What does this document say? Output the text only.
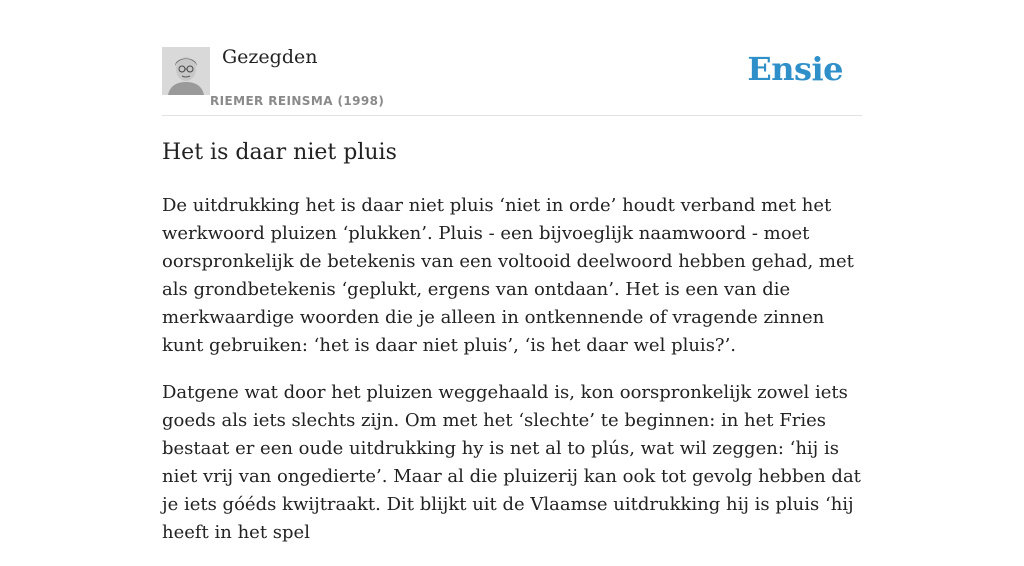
Gezegden
RIEMER REINSMA (1998)
Ensie
Het is daar niet pluis

De uitdrukking het is daar niet pluis ‘niet in orde’ houdt verband met het werkwoord pluizen ‘plukken’. Pluis - een bijvoeglijk naamwoord - moet oorspronkelijk de betekenis van een voltooid deelwoord hebben gehad, met als grondbetekenis ‘geplukt, ergens van ontdaan’. Het is een van die merkwaardige woorden die je alleen in ontkennende of vragende zinnen kunt gebruiken: ‘het is daar niet pluis’, ‘is het daar wel pluis?’.

Datgene wat door het pluizen weggehaald is, kon oorspronkelijk zowel iets goeds als iets slechts zijn. Om met het ‘slechte’ te beginnen: in het Fries bestaat er een oude uitdrukking hy is net al to plús, wat wil zeggen: ‘hij is niet vrij van ongedierte’. Maar al die pluizerij kan ook tot gevolg hebben dat je iets góéds kwijtraakt. Dit blijkt uit de Vlaamse uitdrukking hij is pluis ‘hij heeft in het spel
